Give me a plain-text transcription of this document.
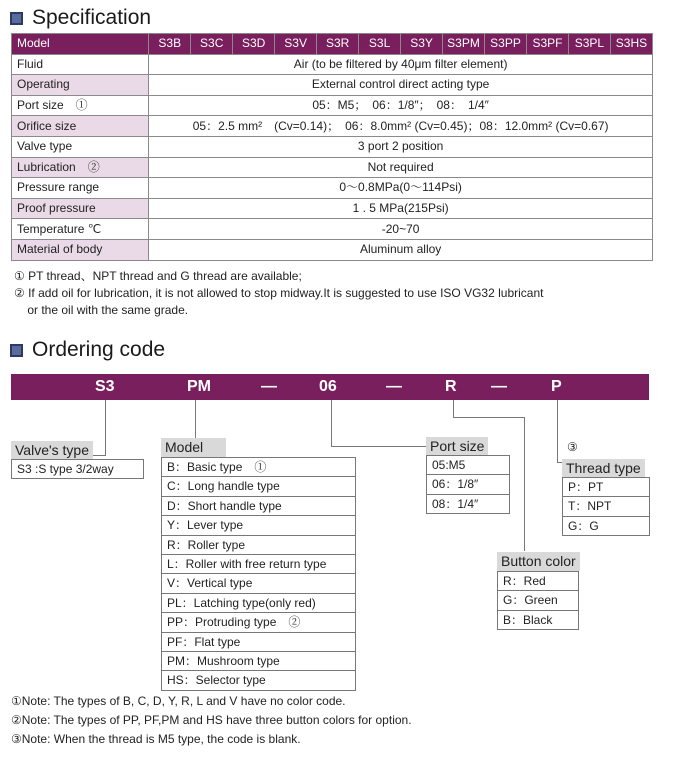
Specification
Model	S3B	S3C	S3D	S3V	S3R	S3L	S3Y	S3PM	S3PP	S3PF	S3PL	S3HS
Fluid	Air (to be filtered by 40μm filter element)											
Operating	External control direct acting type											
Port size　①	05：M5；　06：1/8″；　08：　1/4″											
Orifice size	05：2.5 mm²　(Cv=0.14)；　06：8.0mm² (Cv=0.45)；08：12.0mm² (Cv=0.67)											
Valve type	3 port 2 position											
Lubrication　②	Not required											
Pressure range	0～0.8MPa(0～114Psi)											
Proof pressure	1 . 5 MPa(215Psi)											
Temperature ℃	-20~70											
Material of body	Aluminum alloy											
① PT thread、NPT thread and G thread are available;
② If add oil for lubrication, it is not allowed to stop midway.It is suggested to use ISO VG32 lubricant
or the oil with the same grade.
Ordering code
S3	PM	—	06	—	R —	P
Valve's type
S3 :S type 3/2way
Model
B：Basic type　①
C：Long handle type
D：Short handle type
Y：Lever type
R：Roller type
L：Roller with free return type
V：Vertical type
PL：Latching type(only red)
PP：Protruding type　②
PF：Flat type
PM：Mushroom type
HS：Selector type
Port size
05:M5
06：1/8″
08：1/4″
Button color
R：Red
G：Green
B：Black
③
Thread type
P：PT
T：NPT
G：G
①Note: The types of B, C, D, Y, R, L and V have no color code.
②Note: The types of PP, PF,PM and HS have three button colors for option.
③Note: When the thread is M5 type, the code is blank.
